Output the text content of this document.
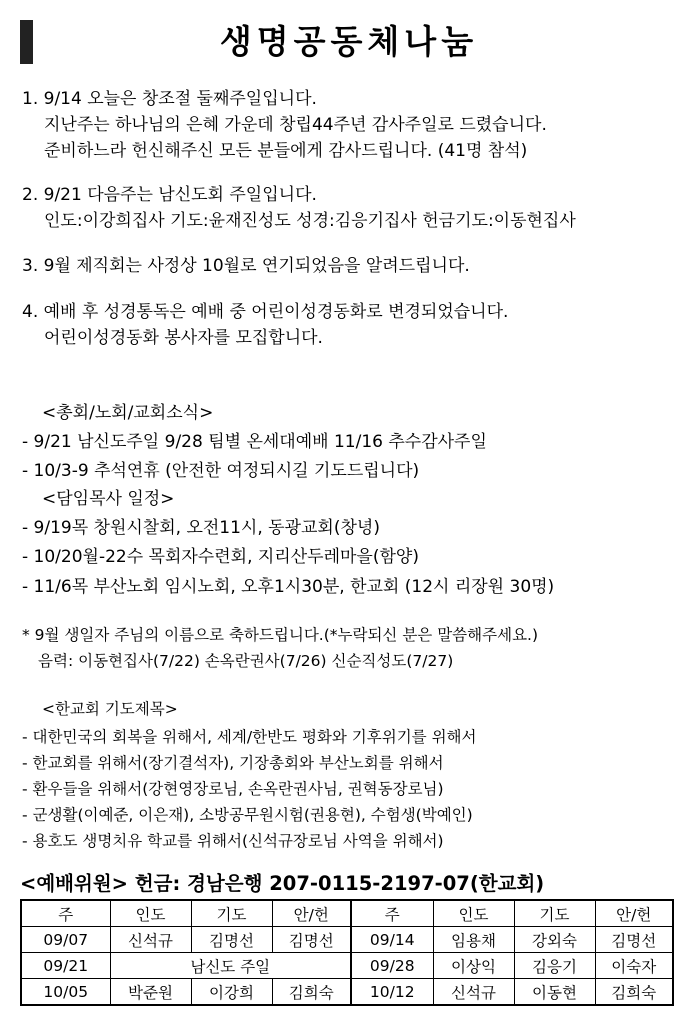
생명공동체나눔
1. 9/14 오늘은 창조절 둘째주일입니다.
지난주는 하나님의 은혜 가운데 창립44주년 감사주일로 드렸습니다.
준비하느라 헌신해주신 모든 분들에게 감사드립니다. (41명 참석)
2. 9/21 다음주는 남신도회 주일입니다.
인도:이강희집사 기도:윤재진성도 성경:김응기집사 헌금기도:이동현집사
3. 9월 제직회는 사정상 10월로 연기되었음을 알려드립니다.
4. 예배 후 성경통독은 예배 중 어린이성경동화로 변경되었습니다.
어린이성경동화 봉사자를 모집합니다.
<총회/노회/교회소식>
- 9/21 남신도주일 9/28 팀별 온세대예배 11/16 추수감사주일
- 10/3-9 추석연휴 (안전한 여정되시길 기도드립니다)
<담임목사 일정>
- 9/19목 창원시찰회, 오전11시, 동광교회(창녕)
- 10/20월-22수 목회자수련회, 지리산두레마을(함양)
- 11/6목 부산노회 임시노회, 오후1시30분, 한교회 (12시 리장원 30명)
* 9월 생일자 주님의 이름으로 축하드립니다.(*누락되신 분은 말씀해주세요.)
음력: 이동현집사(7/22) 손옥란권사(7/26) 신순직성도(7/27)
<한교회 기도제목>
- 대한민국의 회복을 위해서, 세계/한반도 평화와 기후위기를 위해서
- 한교회를 위해서(장기결석자), 기장총회와 부산노회를 위해서
- 환우들을 위해서(강현영장로님, 손옥란권사님, 권혁동장로님)
- 군생활(이예준, 이은재), 소방공무원시험(권용현), 수험생(박예인)
- 용호도 생명치유 학교를 위해서(신석규장로님 사역을 위해서)
<예배위원> 헌금: 경남은행 207-0115-2197-07(한교회)
주	인도	기도	안/헌	주	인도	기도	안/헌
09/07	신석규	김명선	김명선	09/14	임용채	강외숙	김명선
09/21	남신도 주일			09/28	이상익	김응기	이숙자
10/05	박준원	이강희	김희숙	10/12	신석규	이동현	김희숙
